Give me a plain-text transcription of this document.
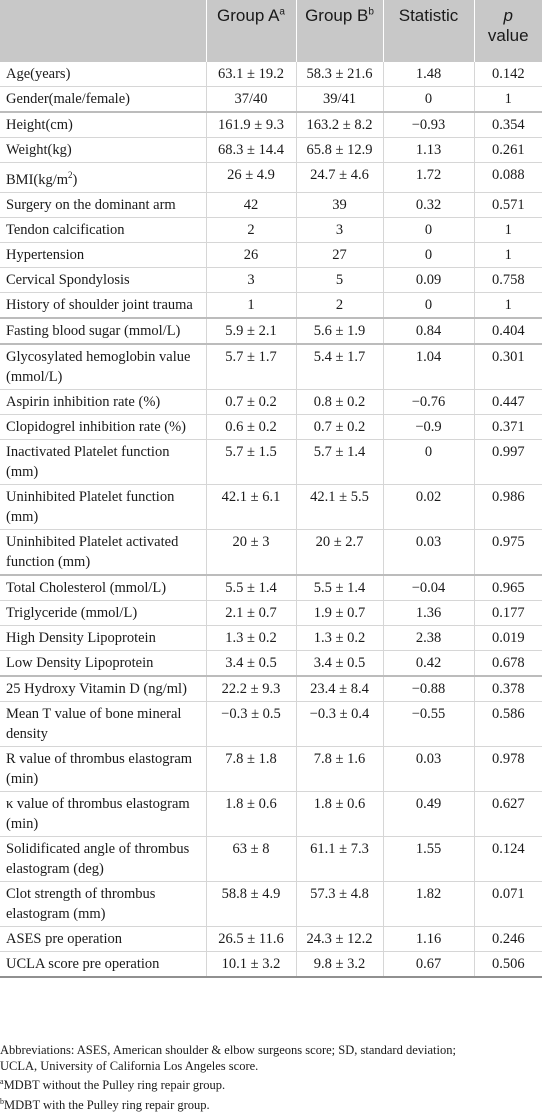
	Group $A^a$	Group $B^b$	Statistic	p
value

Age(years)	63.1 ± 19.2	58.3 ± 21.6	1.48	0.142
Gender(male/female)	37/40	39/41	0	1
Height(cm)	161.9 ± 9.3	163.2 ± 8.2	−0.93	0.354
Weight(kg)	68.3 ± 14.4	65.8 ± 12.9	1.13	0.261
$BMI(kg/m^2)$	26 ± 4.9	24.7 ± 4.6	1.72	0.088
Surgery on the dominant arm	42	39	0.32	0.571
Tendon calcification	2	3	0	1
Hypertension	26	27	0	1
Cervical Spondylosis	3	5	0.09	0.758
History of shoulder joint trauma	1	2	0	1
Fasting blood sugar (mmol/L)	5.9 ± 2.1	5.6 ± 1.9	0.84	0.404
Glycosylated hemoglobin value (mmol/L)	5.7 ± 1.7	5.4 ± 1.7	1.04	0.301
Aspirin inhibition rate (%)	0.7 ± 0.2	0.8 ± 0.2	−0.76	0.447
Clopidogrel inhibition rate (%)	0.6 ± 0.2	0.7 ± 0.2	−0.9	0.371
Inactivated Platelet function (mm)	5.7 ± 1.5	5.7 ± 1.4	0	0.997
Uninhibited Platelet function (mm)	42.1 ± 6.1	42.1 ± 5.5	0.02	0.986
Uninhibited Platelet activated function (mm)	20 ± 3	20 ± 2.7	0.03	0.975
Total Cholesterol (mmol/L)	5.5 ± 1.4	5.5 ± 1.4	−0.04	0.965
Triglyceride (mmol/L)	2.1 ± 0.7	1.9 ± 0.7	1.36	0.177
High Density Lipoprotein	1.3 ± 0.2	1.3 ± 0.2	2.38	0.019
Low Density Lipoprotein	3.4 ± 0.5	3.4 ± 0.5	0.42	0.678
25 Hydroxy Vitamin D (ng/ml)	22.2 ± 9.3	23.4 ± 8.4	−0.88	0.378
Mean T value of bone mineral density	−0.3 ± 0.5	−0.3 ± 0.4	−0.55	0.586
R value of thrombus elastogram (min)	7.8 ± 1.8	7.8 ± 1.6	0.03	0.978
κ value of thrombus elastogram (min)	1.8 ± 0.6	1.8 ± 0.6	0.49	0.627
Solidificated angle of thrombus elastogram (deg)	63 ± 8	61.1 ± 7.3	1.55	0.124
Clot strength of thrombus elastogram (mm)	58.8 ± 4.9	57.3 ± 4.8	1.82	0.071
ASES pre operation	26.5 ± 11.6	24.3 ± 12.2	1.16	0.246
UCLA score pre operation	10.1 ± 3.2	9.8 ± 3.2	0.67	0.506
Abbreviations: ASES, American shoulder & elbow surgeons score; SD, standard deviation;
UCLA, University of California Los Angeles score.
$^a$MDBT without the Pulley ring repair group.
$^b$MDBT with the Pulley ring repair group.
